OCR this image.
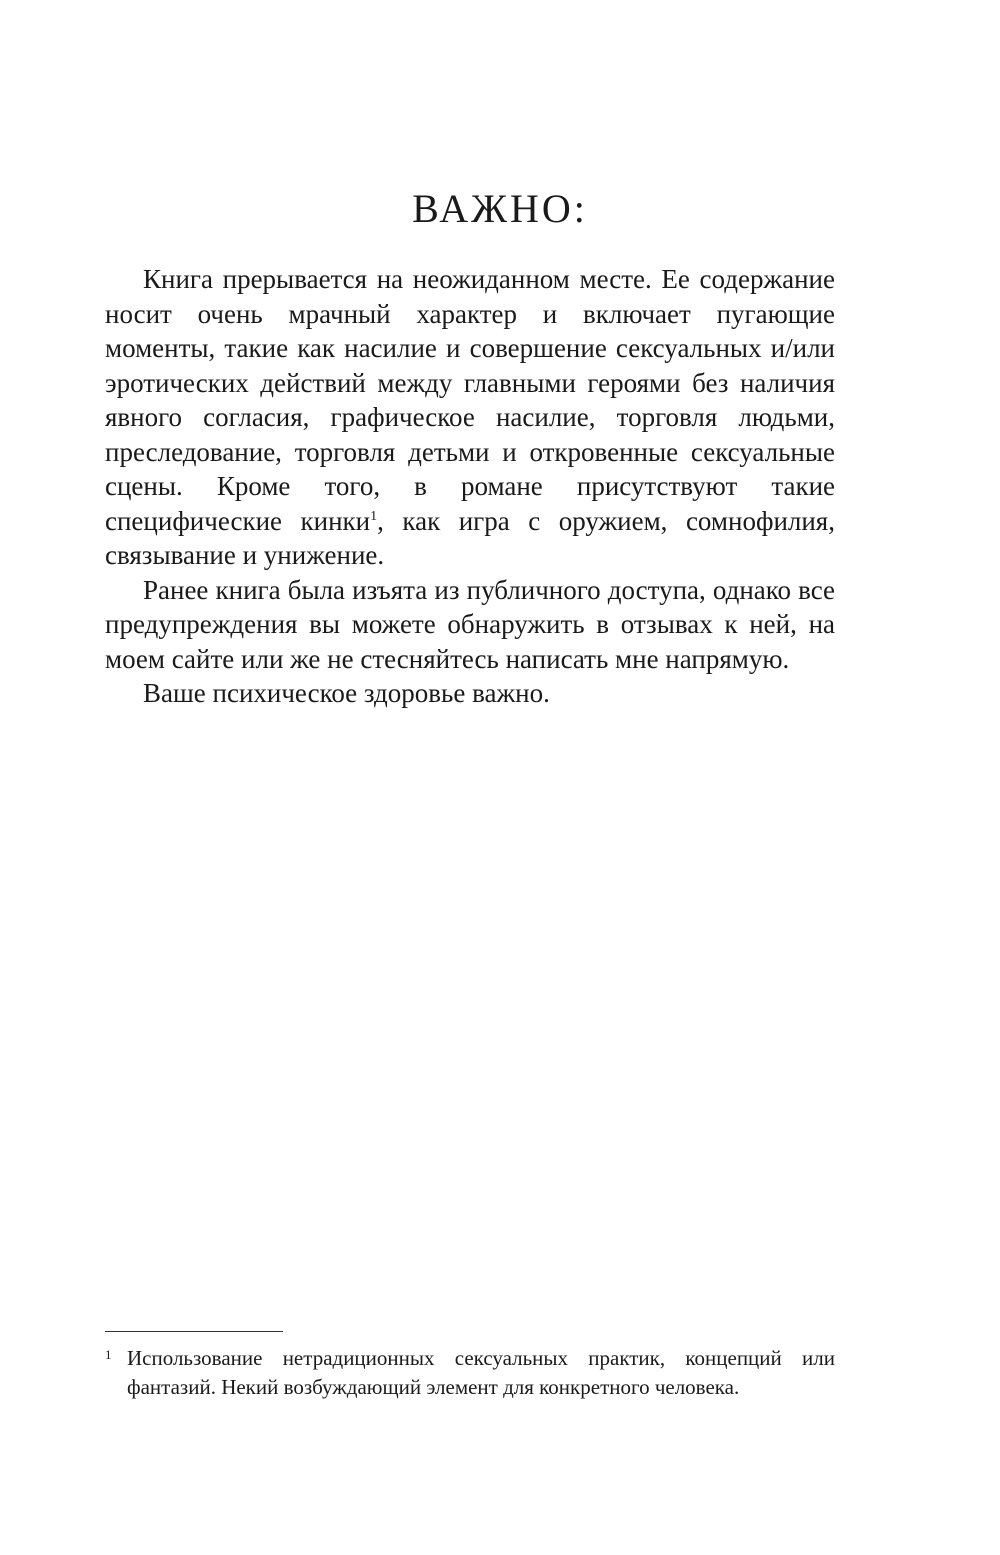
ВАЖНО:

Книга прерывается на неожиданном месте. Ее содержание носит очень мрачный характер и включает пугающие моменты, такие как насилие и совершение сексуальных и/или эротических действий между главными героями без наличия явного согласия, графическое насилие, торговля людьми, преследование, торговля детьми и откровенные сексуальные сцены. Кроме того, в романе присутствуют такие специфические кинки$^1$, как игра с оружием, сомнофилия, связывание и унижение.

Ранее книга была изъята из публичного доступа, однако все предупреждения вы можете обнаружить в отзывах к ней, на моем сайте или же не стесняйтесь написать мне напрямую.

Ваше психическое здоровье важно.

1 Использование нетрадиционных сексуальных практик, концепций или фантазий. Некий возбуждающий элемент для конкретного человека.
